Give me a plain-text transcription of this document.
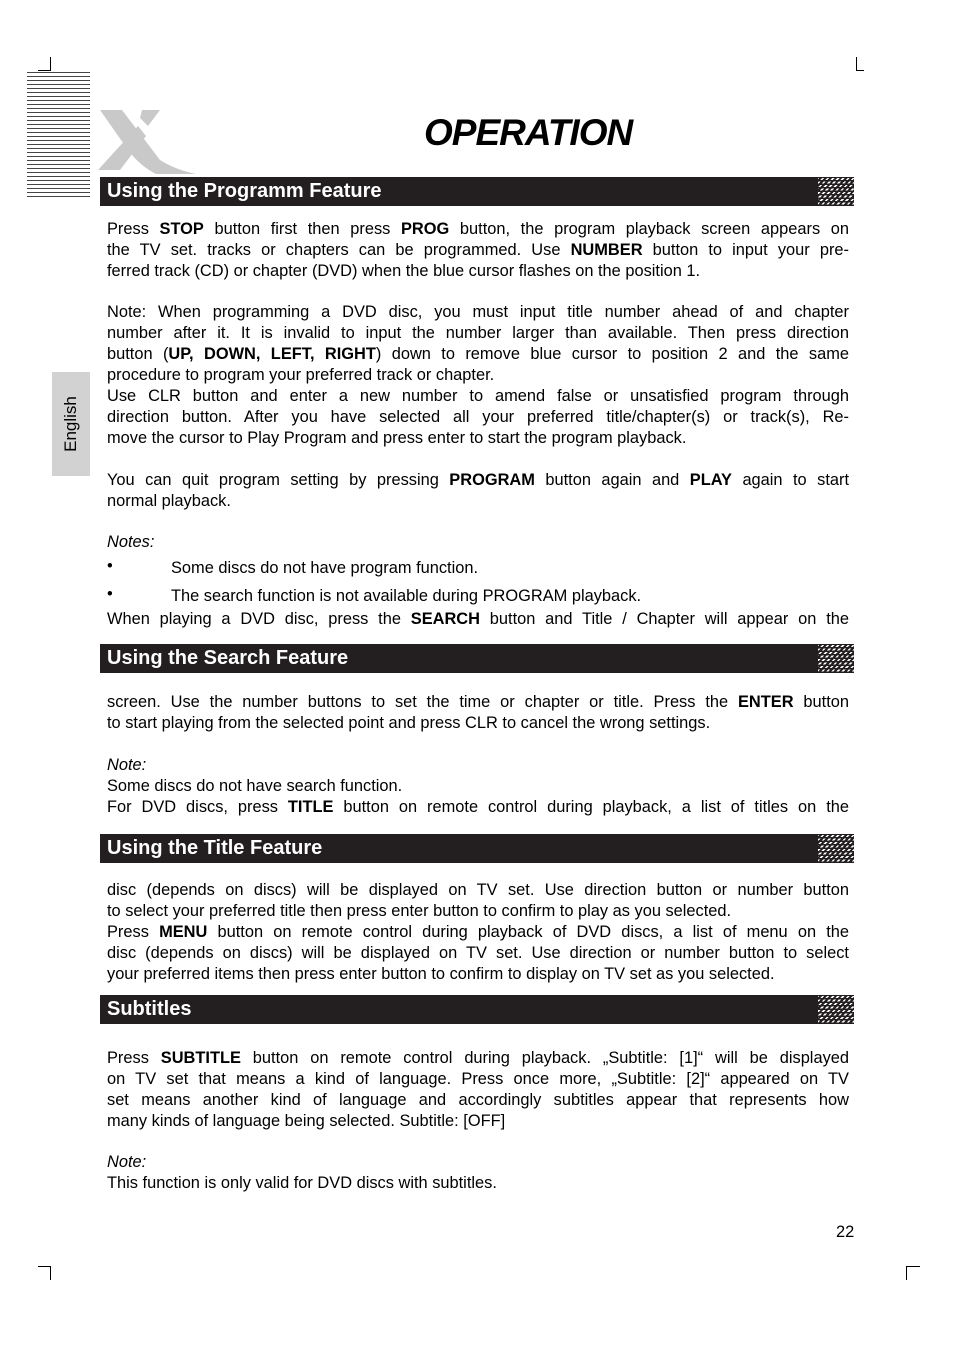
OPERATION
English
Using the Programm Feature
Press STOP button first then press PROG button, the program playback screen appears on
the TV set. tracks or chapters can be programmed. Use NUMBER button to input your pre-
ferred track (CD) or chapter (DVD) when the blue cursor flashes on the position 1.
Note: When programming a DVD disc, you must input title number ahead of and chapter
number after it. It is invalid to input the number larger than available. Then press direction
button (UP, DOWN, LEFT, RIGHT) down to remove blue cursor to position 2 and the same
procedure to program your preferred track or chapter.
Use CLR button and enter a new number to amend false or unsatisfied program through
direction button. After you have selected all your preferred title/chapter(s) or track(s), Re-
move the cursor to Play Program and press enter to start the program playback.
You can quit program setting by pressing PROGRAM button again and PLAY again to start
normal playback.
Notes:
•	Some discs do not have program function.
•	The search function is not available during PROGRAM playback.
When playing a DVD disc, press the SEARCH button and Title / Chapter will appear on the
Using the Search Feature
screen. Use the number buttons to set the time or chapter or title. Press the ENTER button
to start playing from the selected point and press CLR to cancel the wrong settings.
Note:
Some discs do not have search function.
For DVD discs, press TITLE button on remote control during playback, a list of titles on the
Using the Title Feature
disc (depends on discs) will be displayed on TV set. Use direction button or number button
to select your preferred title then press enter button to confirm to play as you selected.
Press MENU button on remote control during playback of DVD discs, a list of menu on the
disc (depends on discs) will be displayed on TV set. Use direction or number button to select
your preferred items then press enter button to confirm to display on TV set as you selected.
Subtitles
Press SUBTITLE button on remote control during playback. „Subtitle: [1]“ will be displayed
on TV set that means a kind of language. Press once more, „Subtitle: [2]“ appeared on TV
set means another kind of language and accordingly subtitles appear that represents how
many kinds of language being selected. Subtitle: [OFF]
Note:
This function is only valid for DVD discs with subtitles.
22
